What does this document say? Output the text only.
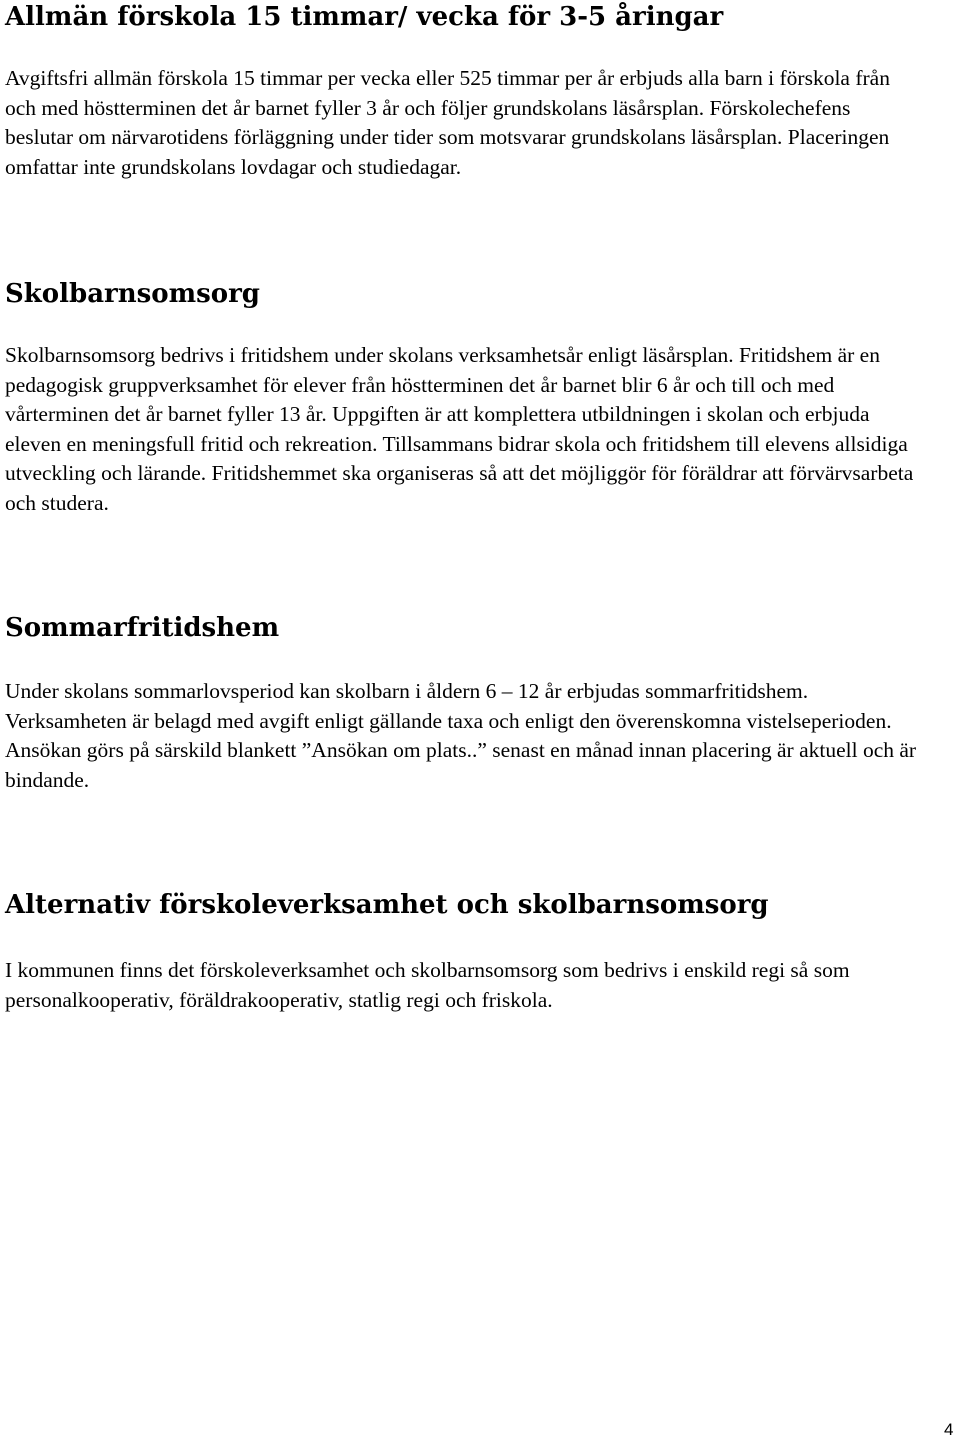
Allmän förskola 15 timmar/ vecka för 3-5 åringar

Avgiftsfri allmän förskola 15 timmar per vecka eller 525 timmar per år erbjuds alla barn i förskola från och med höstterminen det år barnet fyller 3 år och följer grundskolans läsårsplan. Förskolechefens beslutar om närvarotidens förläggning under tider som motsvarar grundskolans läsårsplan. Placeringen omfattar inte grundskolans lovdagar och studiedagar.

Skolbarnsomsorg

Skolbarnsomsorg bedrivs i fritidshem under skolans verksamhetsår enligt läsårsplan. Fritidshem är en pedagogisk gruppverksamhet för elever från höstterminen det år barnet blir 6 år och till och med vårterminen det år barnet fyller 13 år. Uppgiften är att komplettera utbildningen i skolan och erbjuda eleven en meningsfull fritid och rekreation. Tillsammans bidrar skola och fritidshem till elevens allsidiga utveckling och lärande. Fritidshemmet ska organiseras så att det möjliggör för föräldrar att förvärvsarbeta och studera.

Sommarfritidshem

Under skolans sommarlovsperiod kan skolbarn i åldern 6 – 12 år erbjudas sommarfritidshem. Verksamheten är belagd med avgift enligt gällande taxa och enligt den överenskomna vistelseperioden. Ansökan görs på särskild blankett ”Ansökan om plats..” senast en månad innan placering är aktuell och är bindande.

Alternativ förskoleverksamhet och skolbarnsomsorg

I kommunen finns det förskoleverksamhet och skolbarnsomsorg som bedrivs i enskild regi så som personalkooperativ, föräldrakooperativ, statlig regi och friskola.

4
